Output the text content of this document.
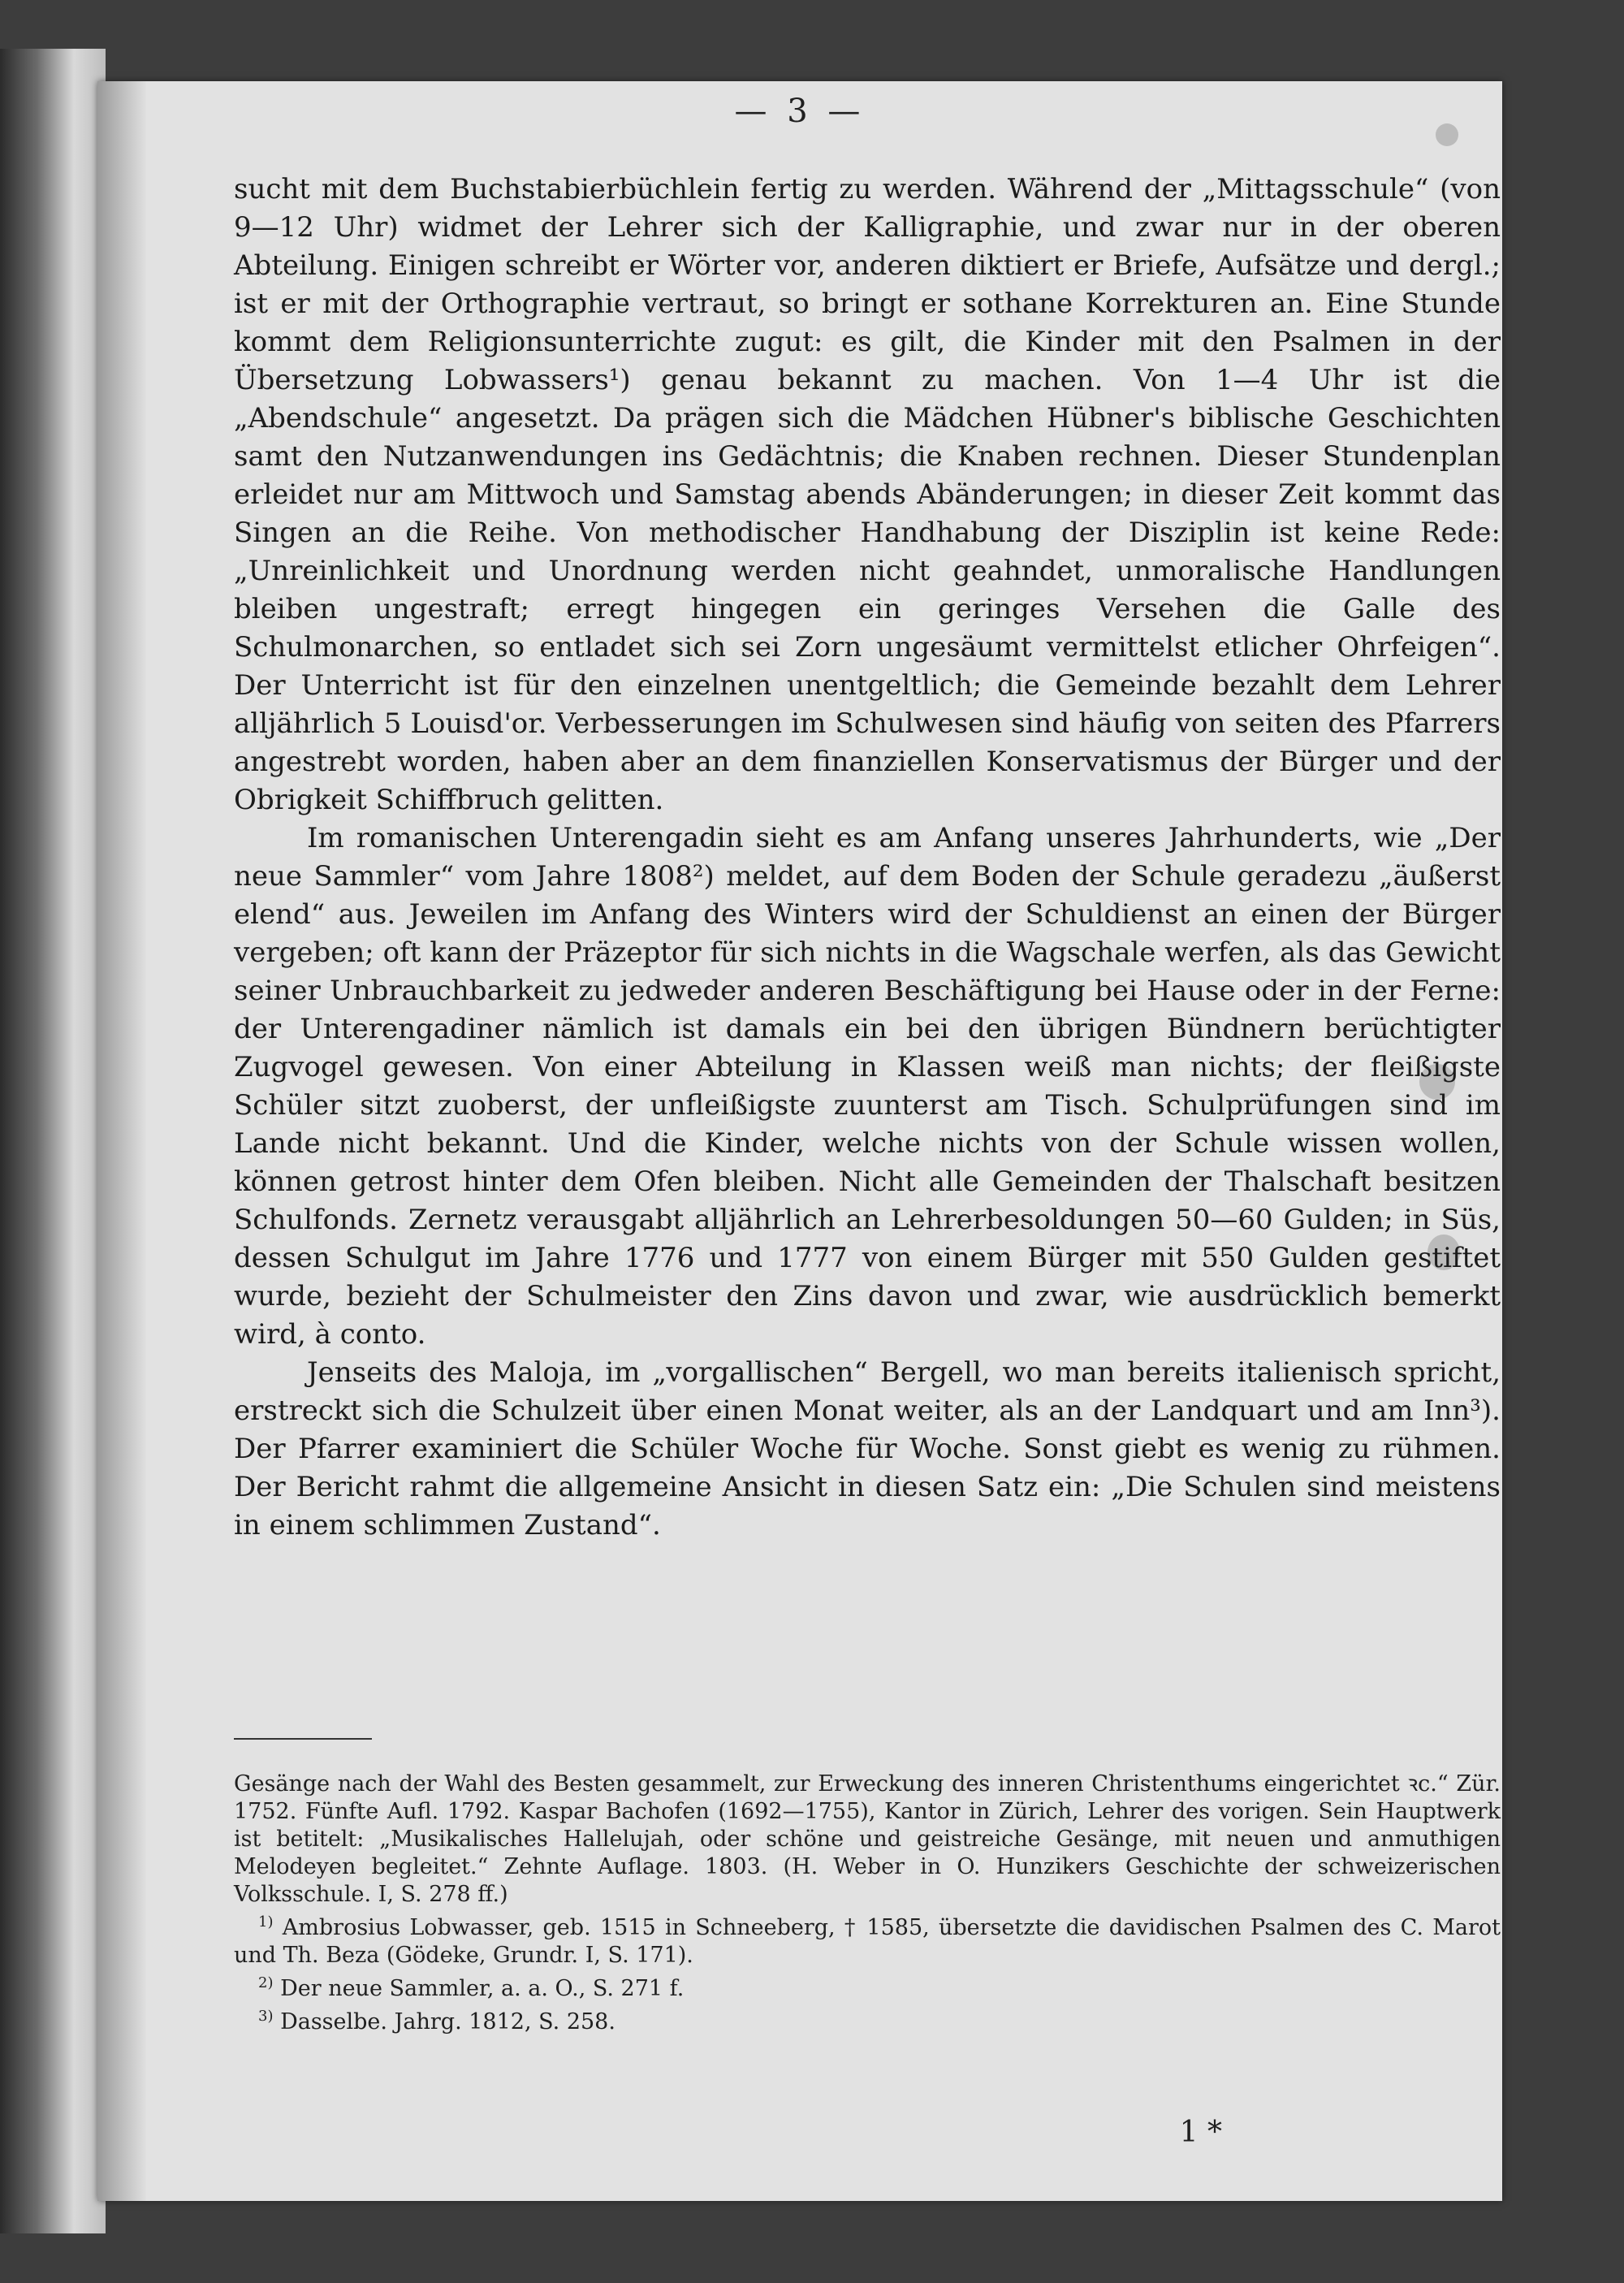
— 3 —

sucht mit dem Buchstabierbüchlein fertig zu werden. Während der „Mittagsschule“ (von 9—12 Uhr) widmet der Lehrer sich der Kalligraphie, und zwar nur in der oberen Abteilung. Einigen schreibt er Wörter vor, anderen diktiert er Briefe, Aufsätze und dergl.; ist er mit der Orthographie vertraut, so bringt er sothane Korrekturen an. Eine Stunde kommt dem Religionsunterrichte zugut: es gilt, die Kinder mit den Psalmen in der Übersetzung Lobwassers¹) genau bekannt zu machen. Von 1—4 Uhr ist die „Abendschule“ angesetzt. Da prägen sich die Mädchen Hübner's biblische Geschichten samt den Nutzanwendungen ins Gedächtnis; die Knaben rechnen. Dieser Stundenplan erleidet nur am Mittwoch und Samstag abends Abänderungen; in dieser Zeit kommt das Singen an die Reihe. Von methodischer Handhabung der Disziplin ist keine Rede: „Unreinlichkeit und Unordnung werden nicht geahndet, unmoralische Handlungen bleiben ungestraft; erregt hingegen ein geringes Versehen die Galle des Schulmonarchen, so entladet sich sei Zorn ungesäumt vermittelst etlicher Ohrfeigen“. Der Unterricht ist für den einzelnen unentgeltlich; die Gemeinde bezahlt dem Lehrer alljährlich 5 Louisd'or. Verbesserungen im Schulwesen sind häufig von seiten des Pfarrers angestrebt worden, haben aber an dem finanziellen Konservatismus der Bürger und der Obrigkeit Schiffbruch gelitten.

Im romanischen Unterengadin sieht es am Anfang unseres Jahrhunderts, wie „Der neue Sammler“ vom Jahre 1808²) meldet, auf dem Boden der Schule geradezu „äußerst elend“ aus. Jeweilen im Anfang des Winters wird der Schuldienst an einen der Bürger vergeben; oft kann der Präzeptor für sich nichts in die Wagschale werfen, als das Gewicht seiner Unbrauchbarkeit zu jedweder anderen Beschäftigung bei Hause oder in der Ferne: der Unterengadiner nämlich ist damals ein bei den übrigen Bündnern berüchtigter Zugvogel gewesen. Von einer Abteilung in Klassen weiß man nichts; der fleißigste Schüler sitzt zuoberst, der unfleißigste zuunterst am Tisch. Schulprüfungen sind im Lande nicht bekannt. Und die Kinder, welche nichts von der Schule wissen wollen, können getrost hinter dem Ofen bleiben. Nicht alle Gemeinden der Thalschaft besitzen Schulfonds. Zernetz verausgabt alljährlich an Lehrerbesoldungen 50—60 Gulden; in Süs, dessen Schulgut im Jahre 1776 und 1777 von einem Bürger mit 550 Gulden gestiftet wurde, bezieht der Schulmeister den Zins davon und zwar, wie ausdrücklich bemerkt wird, à conto.

Jenseits des Maloja, im „vorgallischen“ Bergell, wo man bereits italienisch spricht, erstreckt sich die Schulzeit über einen Monat weiter, als an der Landquart und am Inn³). Der Pfarrer examiniert die Schüler Woche für Woche. Sonst giebt es wenig zu rühmen. Der Bericht rahmt die allgemeine Ansicht in diesen Satz ein: „Die Schulen sind meistens in einem schlimmen Zustand“.

Gesänge nach der Wahl des Besten gesammelt, zur Erweckung des inneren Christenthums eingerichtet ꝛc.“ Zür. 1752. Fünfte Aufl. 1792. Kaspar Bachofen (1692—1755), Kantor in Zürich, Lehrer des vorigen. Sein Hauptwerk ist betitelt: „Musikalisches Hallelujah, oder schöne und geistreiche Gesänge, mit neuen und anmuthigen Melodeyen begleitet.“ Zehnte Auflage. 1803. (H. Weber in O. Hunzikers Geschichte der schweizerischen Volksschule. I, S. 278 ff.)

$^{1)}$ Ambrosius Lobwasser, geb. 1515 in Schneeberg, † 1585, übersetzte die davidischen Psalmen des C. Marot und Th. Beza (Gödeke, Grundr. I, S. 171).

$^{2)}$ Der neue Sammler, a. a. O., S. 271 f.

$^{3)}$ Dasselbe. Jahrg. 1812, S. 258.

1 *
